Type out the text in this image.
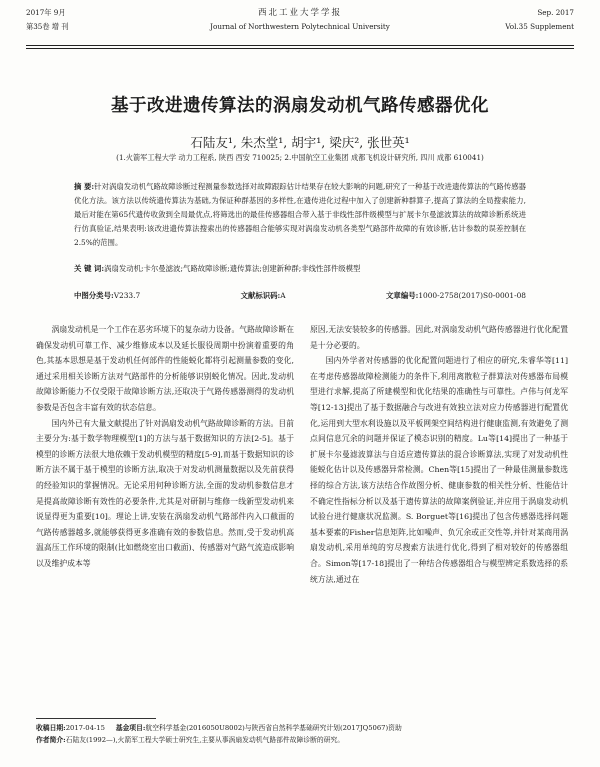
2017年 9月	西北工业大学学报	Sep. 2017
第35卷 增 刊	Journal of Northwestern Polytechnical University	Vol.35 Supplement
基于改进遗传算法的涡扇发动机气路传感器优化
石陆友¹, 朱杰堂¹, 胡宇¹, 梁庆², 张世英¹
(1.火箭军工程大学 动力工程系, 陕西 西安 710025; 2.中国航空工业集团 成都飞机设计研究所, 四川 成都 610041)
摘 要:针对涡扇发动机气路故障诊断过程测量参数选择对故障跟踪估计结果存在较大影响的问题,研究了一种基于改进遗传算法的气路传感器优化方法。该方法以传统遗传算法为基础,为保证种群基因的多样性,在遗传进化过程中加入了创建新种群算子,提高了算法的全局搜索能力,最后对能在第65代遗传收敛到全局最优点,将筛选出的最佳传感器组合带入基于非线性部件级模型与扩展卡尔曼滤波算法的故障诊断系统进行仿真验证,结果表明:该改进遗传算法搜索出的传感器组合能够实现对涡扇发动机各类型气路部件故障的有效诊断,估计参数的误差控制在2.5%的范围。
关 键 词:涡扇发动机;卡尔曼滤波;气路故障诊断;遗传算法;创建新种群;非线性部件级模型
中图分类号:V233.7	文献标识码:A	文章编号:1000-2758(2017)S0-0001-08

涡扇发动机是一个工作在恶劣环境下的复杂动力设备。气路故障诊断在确保发动机可靠工作、减少维修成本以及延长服役周期中扮演着重要的角色,其基本思想是基于发动机任何部件的性能蜕化都将引起测量参数的变化,通过采用相关诊断方法对气路部件的分析能够识别蜕化情况。因此,发动机故障诊断能力不仅受限于故障诊断方法,还取决于气路传感器测得的发动机参数是否包含丰富有效的状态信息。

国内外已有大量文献提出了针对涡扇发动机气路故障诊断的方法。目前主要分为:基于数学物理模型[1]的方法与基于数据知识的方法[2-5]。基于模型的诊断方法很大地依赖于发动机模型的精度[5-9],而基于数据知识的诊断方法不属于基于模型的诊断方法,取决于对发动机测量数据以及先前获得的经验知识的掌握情况。无论采用何种诊断方法,全面的发动机参数信息才是提高故障诊断有效性的必要条件,尤其是对研制与维修一线新型发动机来说显得更为重要[10]。理论上讲,安装在涡扇发动机气路部件内入口截面的气路传感器越多,就能够获得更多准确有效的参数信息。然而,受于发动机高温高压工作环境的限制(比如燃烧室出口截面)、传感器对气路气流造成影响以及维护成本等

原因,无法安装较多的传感器。因此,对涡扇发动机气路传感器进行优化配置是十分必要的。

国内外学者对传感器的优化配置问题进行了相应的研究,朱睿华等[11]在考虑传感器故障检测能力的条件下,利用离散粒子群算法对传感器布局模型进行求解,提高了所建模型和优化结果的准确性与可靠性。卢伟与何龙军等[12-13]提出了基于数据融合与改进有效独立法对应力传感器进行配置优化,运用到大型水利设施以及平板网架空间结构进行健康监测,有效避免了测点间信息冗余的问题并保证了模态识别的精度。Lu等[14]提出了一种基于扩展卡尔曼滤波算法与自适应遗传算法的混合诊断算法,实现了对发动机性能蜕化估计以及传感器异常检测。Chen等[15]提出了一种最佳测量参数选择的综合方法,该方法结合作故图分析、健康参数的相关性分析、性能估计不确定性指标分析以及基于遗传算法的故障案例验证,并应用于涡扇发动机试验台进行健康状况监测。S. Borguet等[16]提出了包含传感器选择问题基本要素的Fisher信息矩阵,比如噪声、负冗余或正交性等,并针对某商用涡扇发动机,采用单纯的穷尽搜索方法进行优化,得到了相对较好的传感器组合。Simon等[17-18]提出了一种结合传感器组合与模型辨定系数选择的系统方法,通过在

收稿日期:2017-04-15 基金项目:航空科学基金(2016050U8002)与陕西省自然科学基础研究计划(2017JQ5067)资助
作者简介:石陆友(1992—),火箭军工程大学硕士研究生,主要从事涡扇发动机气路部件故障诊断的研究。
